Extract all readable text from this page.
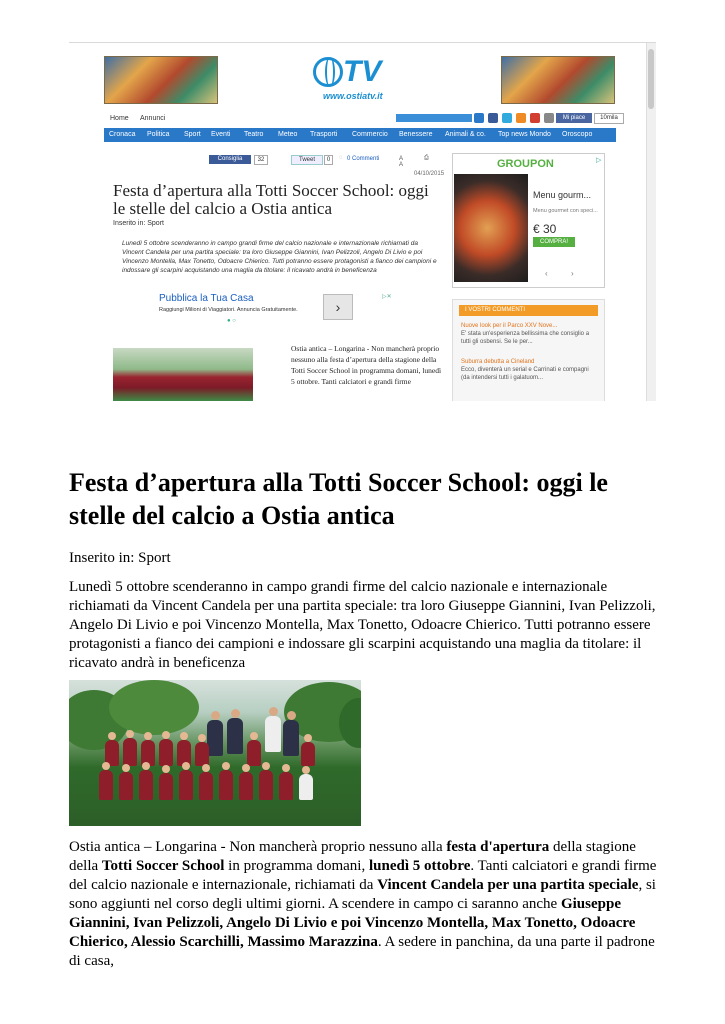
TV
www.ostiatv.it
Home Annunci	Mi piace	10mila
Cronaca Politica Sport Eventi Teatro Meteo Trasporti Commercio Benessere Animali & co. Top news Mondo Oroscopo
Consiglia	32	Tweet	0	◌ 0 Commenti	A A
⎙
04/10/2015
Festa d’apertura alla Totti Soccer School: oggi le stelle del calcio a Ostia antica
Inserito in: Sport
Lunedì 5 ottobre scenderanno in campo grandi firme del calcio nazionale e internazionale richiamati da Vincent Candela per una partita speciale: tra loro Giuseppe Giannini, Ivan Pelizzoli, Angelo Di Livio e poi Vincenzo Montella, Max Tonetto, Odoacre Chierico. Tutti potranno essere protagonisti a fianco dei campioni e indossare gli scarpini acquistando una maglia da titolare: il ricavato andrà in beneficenza
Pubblica la Tua Casa
Raggiungi Milioni di Viaggiatori. Annuncia Gratuitamente.	›
● ○
▷✕
Ostia antica – Longarina - Non mancherà proprio nessuno alla festa d’apertura della stagione della Totti Soccer School in programma domani, lunedì 5 ottobre. Tanti calciatori e grandi firme
GROUPON	▷
Menu gourm...
Menu gourmet con speci...
€ 30
COMPRA!
‹	›
I VOSTRI COMMENTI
Nuove look per il Parco XXV Nove...
E' stata un'esperienza bellissima che consiglio a tutti gli osbensi. Se le per...
Suburra debutta a Cineland
Ecco, diventerà un serial e Carrinati e compagni (da intendersi tutti i galatuom...
Festa d’apertura alla Totti Soccer School: oggi le stelle del calcio a Ostia antica
Inserito in: Sport

Lunedì 5 ottobre scenderanno in campo grandi firme del calcio nazionale e internazionale richiamati da Vincent Candela per una partita speciale: tra loro Giuseppe Giannini, Ivan Pelizzoli, Angelo Di Livio e poi Vincenzo Montella, Max Tonetto, Odoacre Chierico. Tutti potranno essere protagonisti a fianco dei campioni e indossare gli scarpini acquistando una maglia da titolare: il ricavato andrà in beneficenza

Ostia antica – Longarina - Non mancherà proprio nessuno alla festa d'apertura della stagione della Totti Soccer School in programma domani, lunedì 5 ottobre. Tanti calciatori e grandi firme del calcio nazionale e internazionale, richiamati da Vincent Candela per una partita speciale, si sono aggiunti nel corso degli ultimi giorni. A scendere in campo ci saranno anche Giuseppe Giannini, Ivan Pelizzoli, Angelo Di Livio e poi Vincenzo Montella, Max Tonetto, Odoacre Chierico, Alessio Scarchilli, Massimo Marazzina. A sedere in panchina, da una parte il padrone di casa,
